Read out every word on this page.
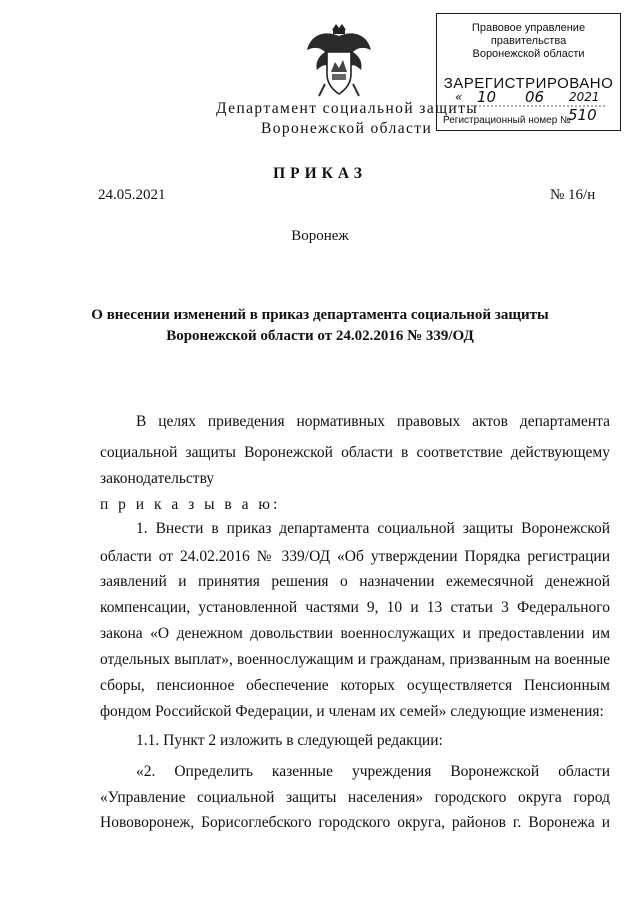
Правовое управление правительства
Воронежской области
ЗАРЕГИСТРИРОВАНО
« 10 06 2021
Регистрационный номер №
510
Департамент социальной защиты
Воронежской области
ПРИКАЗ
24.05.2021	№ 16/н
Воронеж
О внесении изменений в приказ департамента социальной защиты
Воронежской области от 24.02.2016 № 339/ОД
В целях приведения нормативных правовых актов департамента
социальной защиты Воронежской области в соответствие действующему
законодательству
п р и к а з ы в а ю:
1. Внести в приказ департамента социальной защиты Воронежской
области от 24.02.2016 № 339/ОД «Об утверждении Порядка регистрации
заявлений и принятия решения о назначении ежемесячной денежной
компенсации, установленной частями 9, 10 и 13 статьи 3 Федерального
закона «О денежном довольствии военнослужащих и предоставлении им
отдельных выплат», военнослужащим и гражданам, призванным на военные
сборы, пенсионное обеспечение которых осуществляется Пенсионным
фондом Российской Федерации, и членам их семей» следующие изменения:
1.1. Пункт 2 изложить в следующей редакции:
«2. Определить казенные учреждения Воронежской области
«Управление социальной защиты населения» городского округа город
Нововоронеж, Борисоглебского городского округа, районов г. Воронежа и
